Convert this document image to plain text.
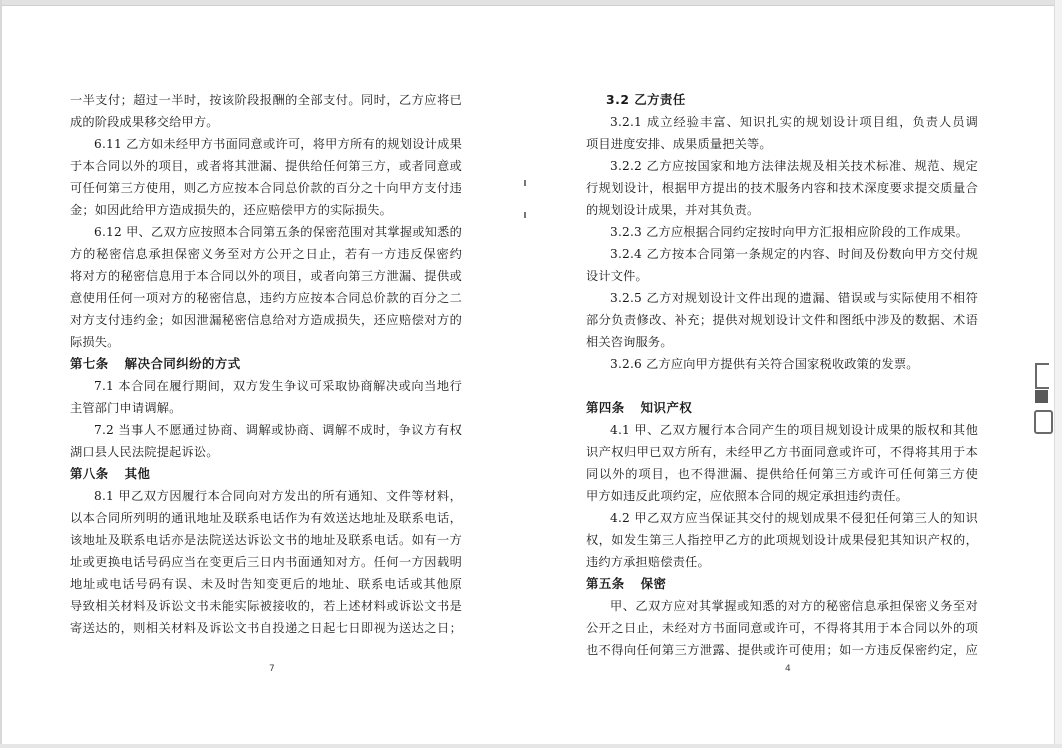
一半支付；超过一半时，按该阶段报酬的全部支付。同时，乙方应将已
成的阶段成果移交给甲方。
6.11 乙方如未经甲方书面同意或许可，将甲方所有的规划设计成果
于本合同以外的项目，或者将其泄漏、提供给任何第三方，或者同意或
可任何第三方使用，则乙方应按本合同总价款的百分之十向甲方支付违
金；如因此给甲方造成损失的，还应赔偿甲方的实际损失。
6.12 甲、乙双方应按照本合同第五条的保密范围对其掌握或知悉的
方的秘密信息承担保密义务至对方公开之日止，若有一方违反保密约
将对方的秘密信息用于本合同以外的项目，或者向第三方泄漏、提供或
意使用任何一项对方的秘密信息，违约方应按本合同总价款的百分之二
对方支付违约金；如因泄漏秘密信息给对方造成损失，还应赔偿对方的
际损失。
第七条 解决合同纠纷的方式
7.1 本合同在履行期间，双方发生争议可采取协商解决或向当地行
主管部门申请调解。
7.2 当事人不愿通过协商、调解或协商、调解不成时，争议方有权
湖口县人民法院提起诉讼。
第八条 其他
8.1 甲乙双方因履行本合同向对方发出的所有通知、文件等材料，
以本合同所列明的通讯地址及联系电话作为有效送达地址及联系电话，
该地址及联系电话亦是法院送达诉讼文书的地址及联系电话。如有一方
址或更换电话号码应当在变更后三日内书面通知对方。任何一方因载明
地址或电话号码有误、未及时告知变更后的地址、联系电话或其他原
导致相关材料及诉讼文书未能实际被接收的，若上述材料或诉讼文书是
寄送达的，则相关材料及诉讼文书自投递之日起七日即视为送达之日；
7
3.2 乙方责任
3.2.1 成立经验丰富、知识扎实的规划设计项目组，负责人员调
项目进度安排、成果质量把关等。
3.2.2 乙方应按国家和地方法律法规及相关技术标准、规范、规定
行规划设计，根据甲方提出的技术服务内容和技术深度要求提交质量合
的规划设计成果，并对其负责。
3.2.3 乙方应根据合同约定按时向甲方汇报相应阶段的工作成果。
3.2.4 乙方按本合同第一条规定的内容、时间及份数向甲方交付规
设计文件。
3.2.5 乙方对规划设计文件出现的遗漏、错误或与实际使用不相符
部分负责修改、补充；提供对规划设计文件和图纸中涉及的数据、术语
相关咨询服务。
3.2.6 乙方应向甲方提供有关符合国家税收政策的发票。
第四条 知识产权
4.1 甲、乙双方履行本合同产生的项目规划设计成果的版权和其他
识产权归甲已双方所有，未经甲乙方书面同意或许可，不得将其用于本
同以外的项目，也不得泄漏、提供给任何第三方或许可任何第三方使
甲方如违反此项约定，应依照本合同的规定承担违约责任。
4.2 甲乙双方应当保证其交付的规划成果不侵犯任何第三人的知识
权，如发生第三人指控甲乙方的此项规划设计成果侵犯其知识产权的，
违约方承担赔偿责任。
第五条 保密
甲、乙双方应对其掌握或知悉的对方的秘密信息承担保密义务至对
公开之日止，未经对方书面同意或许可，不得将其用于本合同以外的项
也不得向任何第三方泄露、提供或许可使用；如一方违反保密约定，应
4
